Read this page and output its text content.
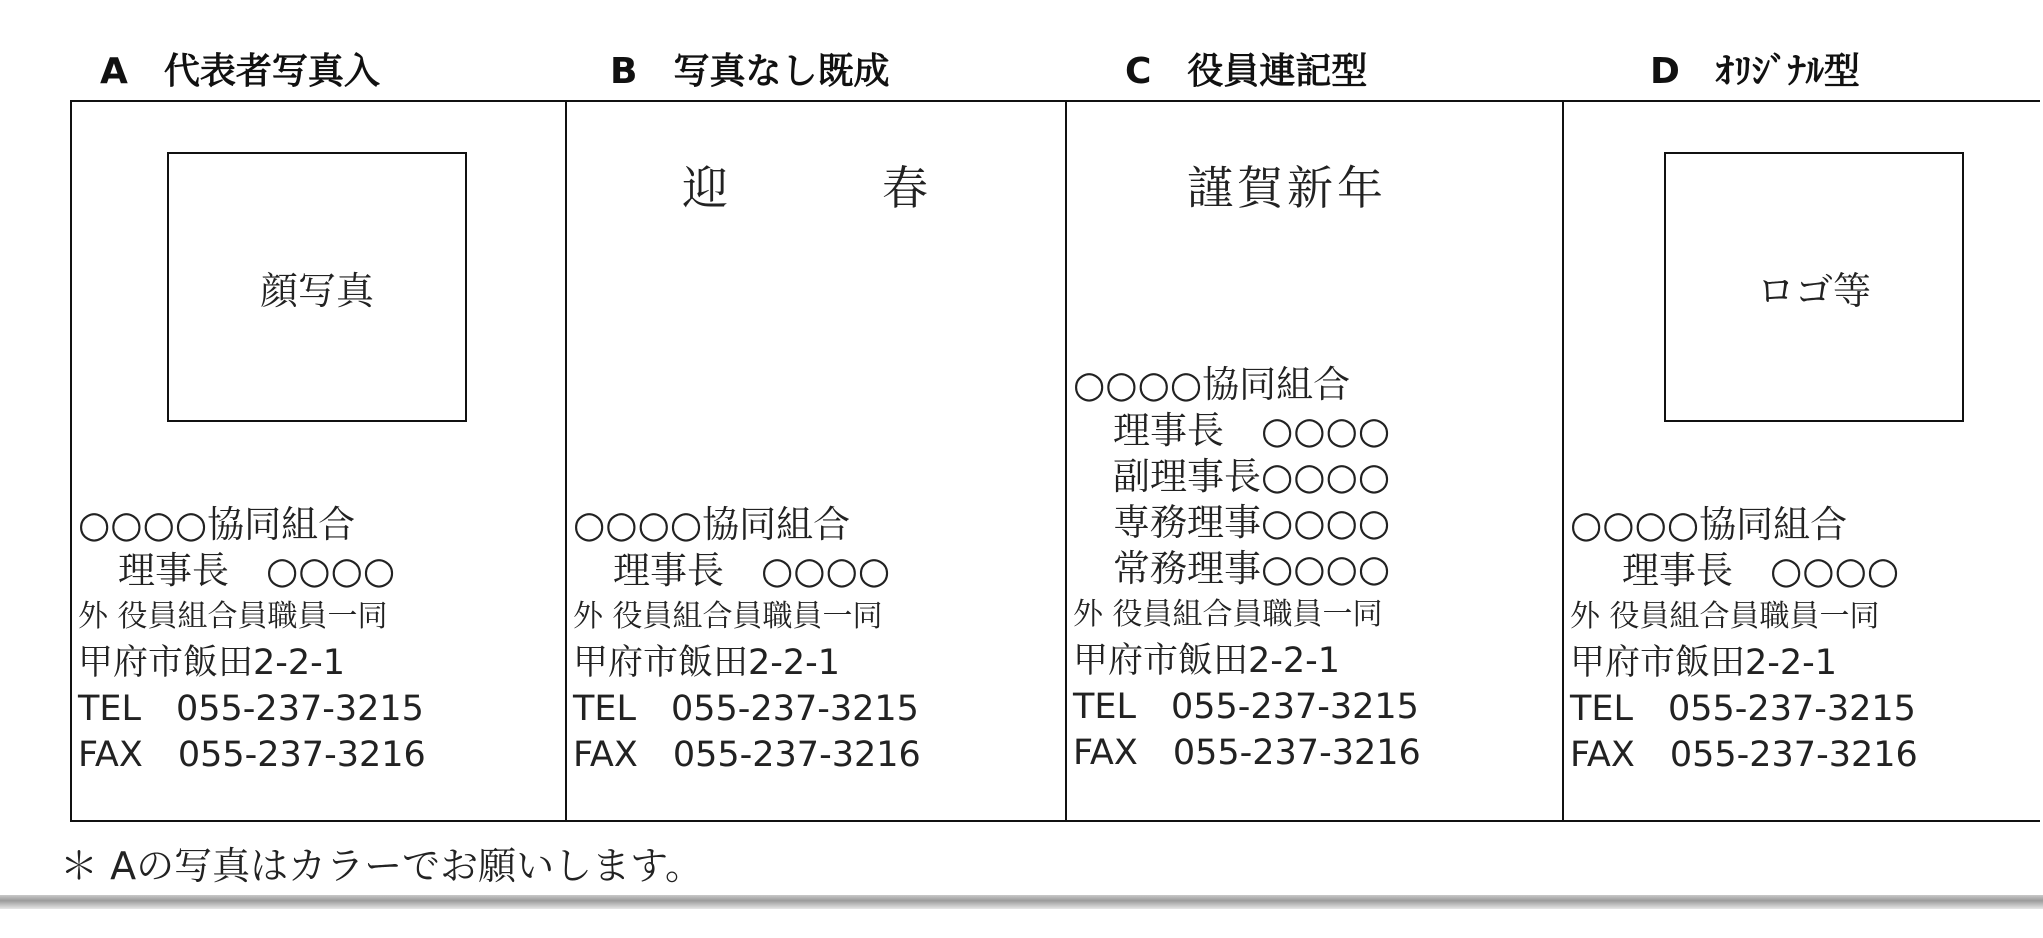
A　代表者写真入	B　写真なし既成	C　役員連記型	D　ｵﾘｼﾞﾅﾙ型
顔写真
○○○○協同組合
理事長　○○○○
外 役員組合員職員一同
甲府市飯田2-2-1
TEL　055-237-3215
FAX　055-237-3216
迎　　　春
○○○○協同組合
理事長　○○○○
外 役員組合員職員一同
甲府市飯田2-2-1
TEL　055-237-3215
FAX　055-237-3216
謹賀新年
○○○○協同組合
理事長　○○○○
副理事長○○○○
専務理事○○○○
常務理事○○○○
外 役員組合員職員一同
甲府市飯田2-2-1
TEL　055-237-3215
FAX　055-237-3216
ロゴ等
○○○○協同組合
理事長　○○○○
外 役員組合員職員一同
甲府市飯田2-2-1
TEL　055-237-3215
FAX　055-237-3216
＊ Aの写真はカラーでお願いします。
